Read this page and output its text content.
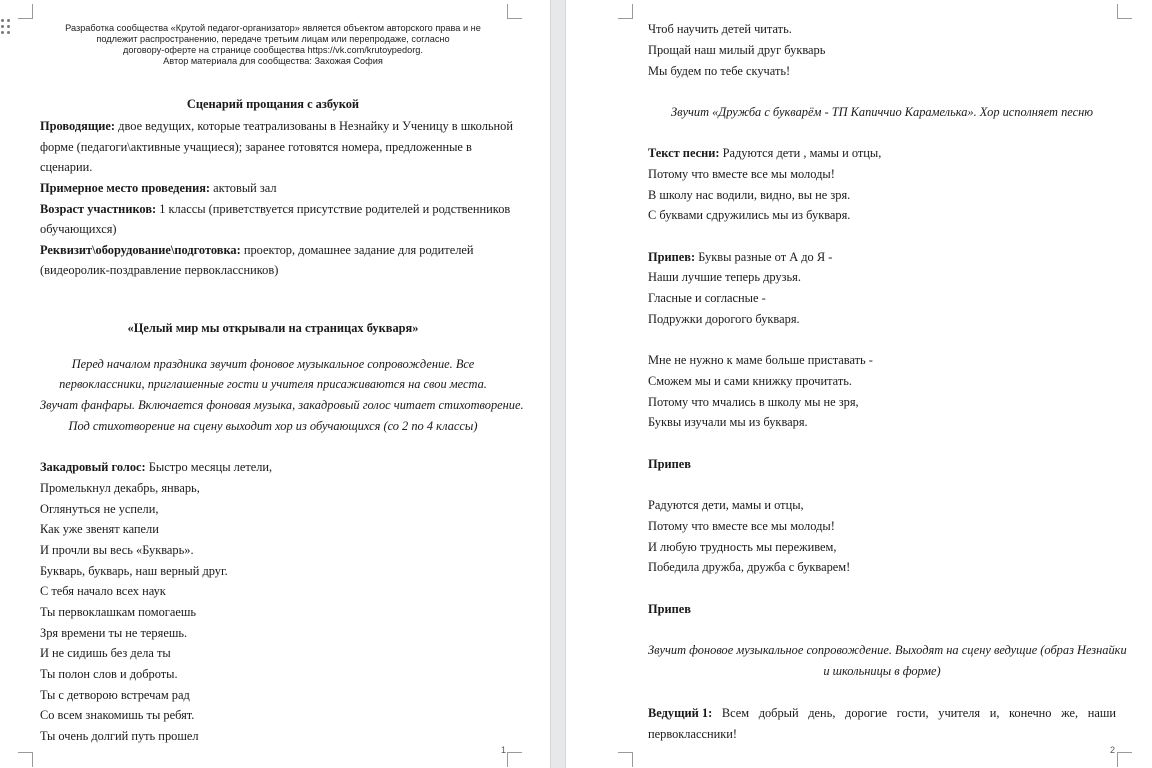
Разработка сообщества «Крутой педагог-организатор» является объектом авторского права и не
подлежит распространению, передаче третьим лицам или перепродаже, согласно
договору-оферте на странице сообщества https://vk.com/krutoypedorg.
Автор материала для сообщества: Захожая София
Сценарий прощания с азбукой
Проводящие: двое ведущих, которые театрализованы в Незнайку и Ученицу в школьной
форме (педагоги\активные учащиеся); заранее готовятся номера, предложенные в
сценарии.
Примерное место проведения: актовый зал
Возраст участников: 1 классы (приветствуется присутствие родителей и родственников
обучающихся)
Реквизит\оборудование\подготовка: проектор, домашнее задание для родителей
(видеоролик-поздравление первоклассников)
«Целый мир мы открывали на страницах букваря»
Перед началом праздника звучит фоновое музыкальное сопровождение. Все
первоклассники, приглашенные гости и учителя присаживаются на свои места.
Звучат фанфары. Включается фоновая музыка, закадровый голос читает стихотворение.
Под стихотворение на сцену выходит хор из обучающихся (со 2 по 4 классы)
Закадровый голос: Быстро месяцы летели,
Промелькнул декабрь, январь,
Оглянуться не успели,
Как уже звенят капели
И прочли вы весь «Букварь».
Букварь, букварь, наш верный друг.
С тебя начало всех наук
Ты первоклашкам помогаешь
Зря времени ты не теряешь.
И не сидишь без дела ты
Ты полон слов и доброты.
Ты с детворою встречам рад
Со всем знакомишь ты ребят.
Ты очень долгий путь прошел
1
Чтоб научить детей читать.
Прощай наш милый друг букварь
Мы будем по тебе скучать!
Звучит «Дружба с букварём - ТП Капиччио Карамелька». Хор исполняет песню
Текст песни: Радуются дети , мамы и отцы,
Потому что вместе все мы молоды!
В школу нас водили, видно, вы не зря.
С буквами сдружились мы из букваря.
Припев: Буквы разные от А до Я -
Наши лучшие теперь друзья.
Гласные и согласные -
Подружки дорогого букваря.
Мне не нужно к маме больше приставать -
Сможем мы и сами книжку прочитать.
Потому что мчались в школу мы не зря,
Буквы изучали мы из букваря.
Припев
Радуются дети, мамы и отцы,
Потому что вместе все мы молоды!
И любую трудность мы переживем,
Победила дружба, дружба с букварем!
Припев
Звучит фоновое музыкальное сопровождение. Выходят на сцену ведущие (образ Незнайки
и школьницы в форме)
Ведущий 1: Всем добрый день, дорогие гости, учителя и, конечно же, наши
первоклассники!
2
